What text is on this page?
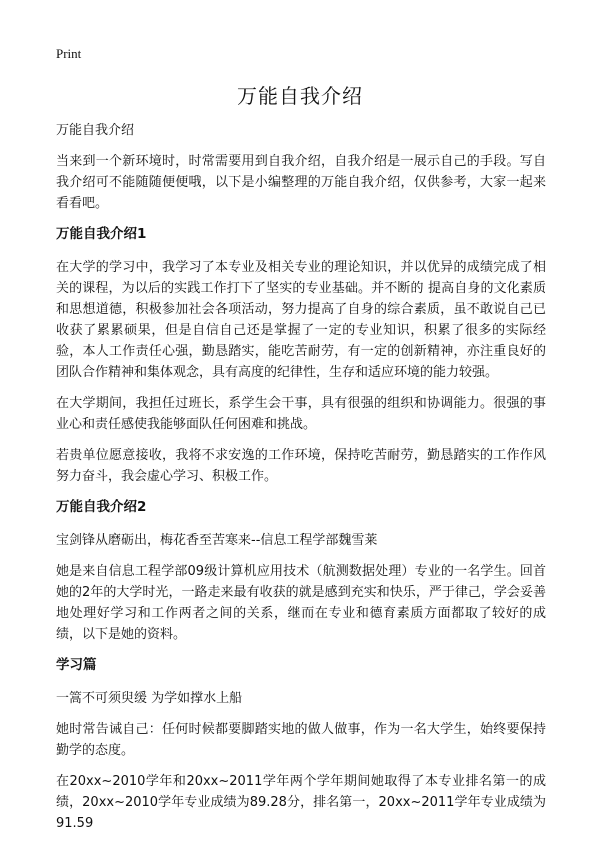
Print
万能自我介绍

万能自我介绍

当来到一个新环境时，时常需要用到自我介绍，自我介绍是一展示自己的手段。写自我介绍可不能随随便便哦，以下是小编整理的万能自我介绍，仅供参考，大家一起来看看吧。

万能自我介绍1

在大学的学习中，我学习了本专业及相关专业的理论知识，并以优异的成绩完成了相关的课程，为以后的实践工作打下了坚实的专业基础。并不断的 提高自身的文化素质和思想道德，积极参加社会各项活动，努力提高了自身的综合素质，虽不敢说自己已收获了累累硕果，但是自信自己还是掌握了一定的专业知识，积累了很多的实际经验，本人工作责任心强，勤恳踏实，能吃苦耐劳，有一定的创新精神，亦注重良好的团队合作精神和集体观念，具有高度的纪律性，生存和适应环境的能力较强。

在大学期间，我担任过班长，系学生会干事，具有很强的组织和协调能力。很强的事业心和责任感使我能够面队任何困难和挑战。

若贵单位愿意接收，我将不求安逸的工作环境，保持吃苦耐劳，勤恳踏实的工作作风努力奋斗，我会虚心学习、积极工作。

万能自我介绍2

宝剑锋从磨砺出，梅花香至苦寒来--信息工程学部魏雪莱

她是来自信息工程学部09级计算机应用技术（航测数据处理）专业的一名学生。回首她的2年的大学时光，一路走来最有收获的就是感到充实和快乐，严于律己，学会妥善地处理好学习和工作两者之间的关系，继而在专业和德育素质方面都取了较好的成绩，以下是她的资料。

学习篇

一篙不可须臾缓 为学如撑水上船

她时常告诫自己：任何时候都要脚踏实地的做人做事，作为一名大学生，始终要保持勤学的态度。

在20xx~2010学年和20xx~2011学年两个学年期间她取得了本专业排名第一的成绩，20xx~2010学年专业成绩为89.28分，排名第一，20xx~2011学年专业成绩为91.59
